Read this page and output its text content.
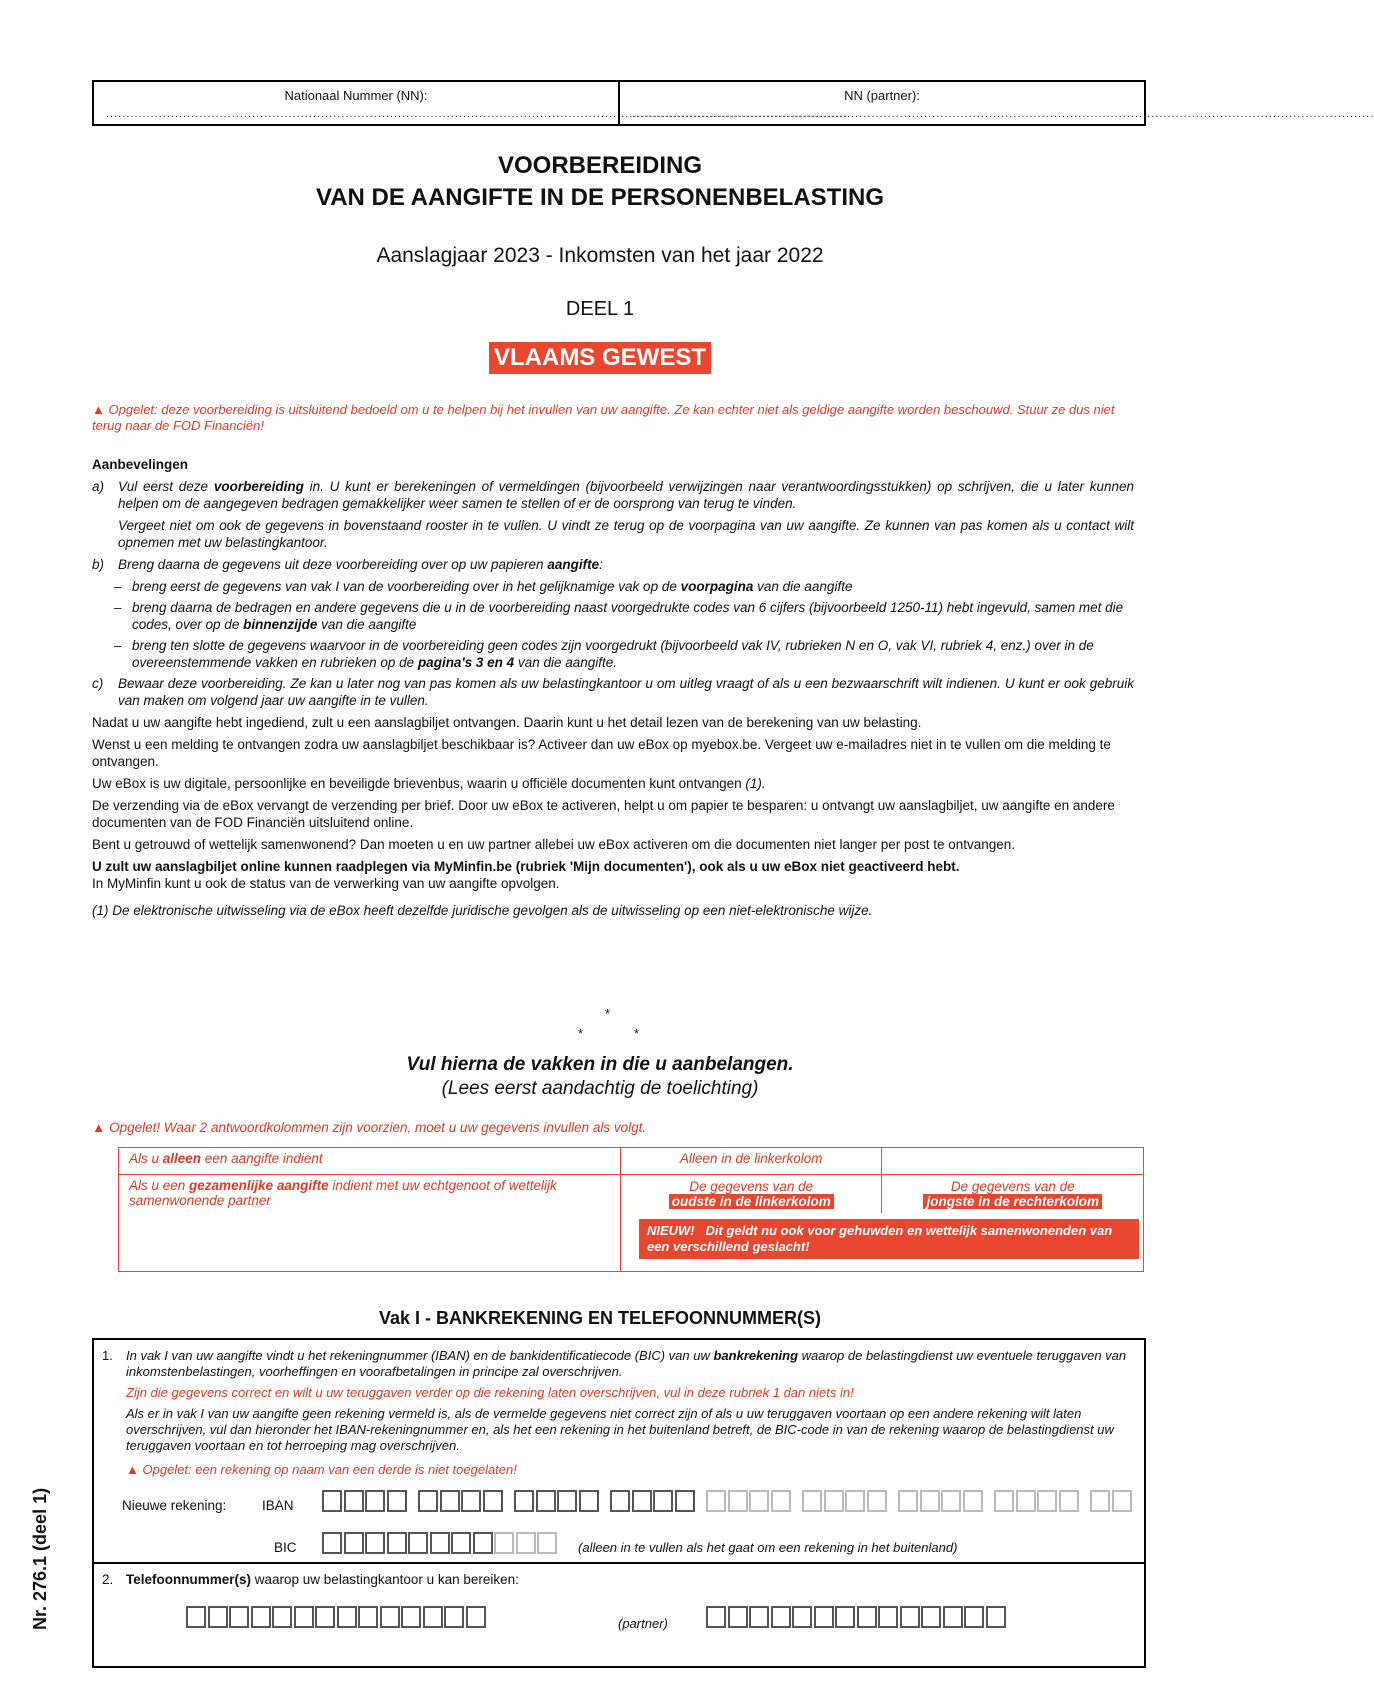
Nationaal Nummer (NN):
.......................................................................................................................................................................................
NN (partner):
.......................................................................................................................................................................................
VOORBEREIDING
VAN DE AANGIFTE IN DE PERSONENBELASTING
Aanslagjaar 2023 - Inkomsten van het jaar 2022
DEEL 1
VLAAMS GEWEST
▲ Opgelet: deze voorbereiding is uitsluitend bedoeld om u te helpen bij het invullen van uw aangifte. Ze kan echter niet als geldige aangifte worden beschouwd. Stuur ze dus niet terug naar de FOD Financiën!

Aanbevelingen

a) Vul eerst deze voorbereiding in. U kunt er berekeningen of vermeldingen (bijvoorbeeld verwijzingen naar verantwoordingsstukken) op schrijven, die u later kunnen helpen om de aangegeven bedragen gemakkelijker weer samen te stellen of er de oorsprong van terug te vinden.
Vergeet niet om ook de gegevens in bovenstaand rooster in te vullen. U vindt ze terug op de voorpagina van uw aangifte. Ze kunnen van pas komen als u contact wilt opnemen met uw belastingkantoor.
b) Breng daarna de gegevens uit deze voorbereiding over op uw papieren aangifte:
– breng eerst de gegevens van vak I van de voorbereiding over in het gelijknamige vak op de voorpagina van die aangifte
– breng daarna de bedragen en andere gegevens die u in de voorbereiding naast voorgedrukte codes van 6 cijfers (bijvoorbeeld 1250-11) hebt ingevuld, samen met die codes, over op de binnenzijde van die aangifte
– breng ten slotte de gegevens waarvoor in de voorbereiding geen codes zijn voorgedrukt (bijvoorbeeld vak IV, rubrieken N en O, vak VI, rubriek 4, enz.) over in de overeenstemmende vakken en rubrieken op de pagina's 3 en 4 van die aangifte.
c) Bewaar deze voorbereiding. Ze kan u later nog van pas komen als uw belastingkantoor u om uitleg vraagt of als u een bezwaarschrift wilt indienen. U kunt er ook gebruik van maken om volgend jaar uw aangifte in te vullen.

Nadat u uw aangifte hebt ingediend, zult u een aanslagbiljet ontvangen. Daarin kunt u het detail lezen van de berekening van uw belasting.

Wenst u een melding te ontvangen zodra uw aanslagbiljet beschikbaar is? Activeer dan uw eBox op myebox.be. Vergeet uw e-mailadres niet in te vullen om die melding te ontvangen.

Uw eBox is uw digitale, persoonlijke en beveiligde brievenbus, waarin u officiële documenten kunt ontvangen (1).

De verzending via de eBox vervangt de verzending per brief. Door uw eBox te activeren, helpt u om papier te besparen: u ontvangt uw aanslagbiljet, uw aangifte en andere documenten van de FOD Financiën uitsluitend online.

Bent u getrouwd of wettelijk samenwonend? Dan moeten u en uw partner allebei uw eBox activeren om die documenten niet langer per post te ontvangen.

U zult uw aanslagbiljet online kunnen raadplegen via MyMinfin.be (rubriek 'Mijn documenten'), ook als u uw eBox niet geactiveerd hebt.
In MyMinfin kunt u ook de status van de verwerking van uw aangifte opvolgen.

(1) De elektronische uitwisseling via de eBox heeft dezelfde juridische gevolgen als de uitwisseling op een niet-elektronische wijze.

*
*	*
Vul hierna de vakken in die u aanbelangen.
(Lees eerst aandachtig de toelichting)
▲ Opgelet! Waar 2 antwoordkolommen zijn voorzien, moet u uw gegevens invullen als volgt.
Als u alleen een aangifte indient	Alleen in de linkerkolom	
Als u een gezamenlijke aangifte indient met uw echtgenoot of wettelijk samenwonende partner	De gegevens van de
oudste in de linkerkolom
De gegevens van de
jongste in de rechterkolom
NIEUW! Dit geldt nu ook voor gehuwden en wettelijk samenwonenden van een verschillend geslacht!	
Vak I - BANKREKENING EN TELEFOONNUMMER(S)
1. In vak I van uw aangifte vindt u het rekeningnummer (IBAN) en de bankidentificatiecode (BIC) van uw bankrekening waarop de belastingdienst uw eventuele teruggaven van inkomstenbelastingen, voorheffingen en voorafbetalingen in principe zal overschrijven.
Zijn die gegevens correct en wilt u uw teruggaven verder op die rekening laten overschrijven, vul in deze rubriek 1 dan niets in!
Als er in vak I van uw aangifte geen rekening vermeld is, als de vermelde gegevens niet correct zijn of als u uw teruggaven voortaan op een andere rekening wilt laten overschrijven, vul dan hieronder het IBAN-rekeningnummer en, als het een rekening in het buitenland betreft, de BIC-code in van de rekening waarop de belastingdienst uw teruggaven voortaan en tot herroeping mag overschrijven.
▲ Opgelet: een rekening op naam van een derde is niet toegelaten!
Nieuwe rekening:	IBAN
BIC	(alleen in te vullen als het gaat om een rekening in het buitenland)
2. Telefoonnummer(s) waarop uw belastingkantoor u kan bereiken:
(partner)
Nr. 276.1 (deel 1)
